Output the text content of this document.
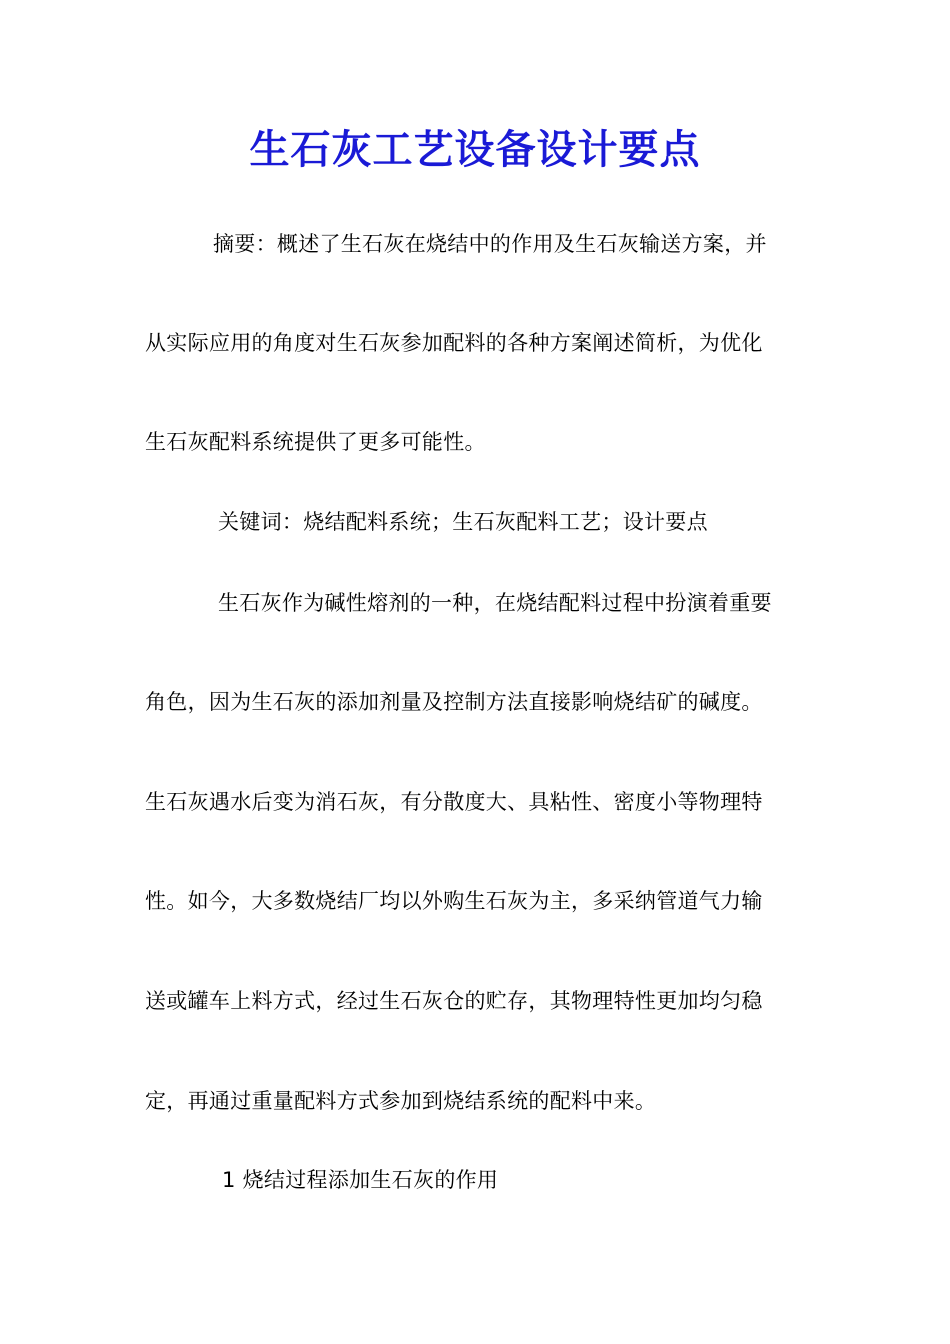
生石灰工艺设备设计要点
摘要：概述了生石灰在烧结中的作用及生石灰输送方案，并
从实际应用的角度对生石灰参加配料的各种方案阐述简析，为优化
生石灰配料系统提供了更多可能性。
关键词：烧结配料系统；生石灰配料工艺；设计要点
生石灰作为碱性熔剂的一种，在烧结配料过程中扮演着重要
角色，因为生石灰的添加剂量及控制方法直接影响烧结矿的碱度。
生石灰遇水后变为消石灰，有分散度大、具粘性、密度小等物理特
性。如今，大多数烧结厂均以外购生石灰为主，多采纳管道气力输
送或罐车上料方式，经过生石灰仓的贮存，其物理特性更加均匀稳
定，再通过重量配料方式参加到烧结系统的配料中来。
1 烧结过程添加生石灰的作用
